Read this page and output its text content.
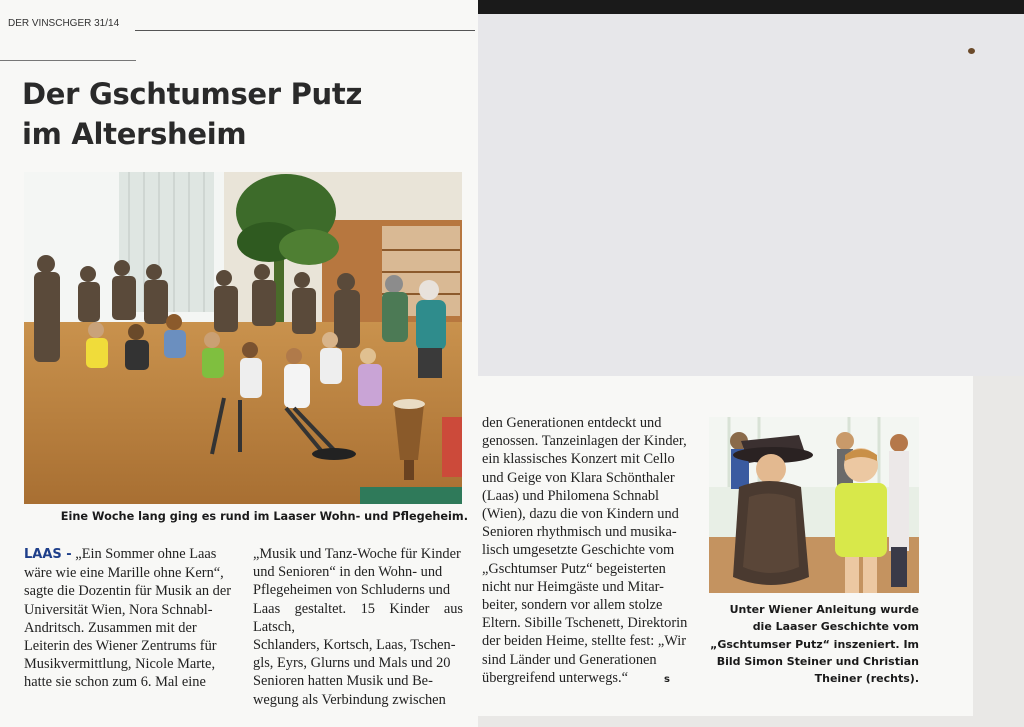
DER VINSCHGER 31/14
Der Gschtumser Putz
im Altersheim
Eine Woche lang ging es rund im Laaser Wohn- und Pflegeheim.

LAAS - „Ein Sommer ohne Laas
wäre wie eine Marille ohne Kern“,
sagte die Dozentin für Musik an der
Universität Wien, Nora Schnabl-
Andritsch. Zusammen mit der
Leiterin des Wiener Zentrums für
Musikvermittlung, Nicole Marte,
hatte sie schon zum 6. Mal eine

„Musik und Tanz-Woche für Kinder
und Senioren“ in den Wohn- und
Pflegeheimen von Schluderns und
Laas gestaltet. 15 Kinder aus Latsch,
Schlanders, Kortsch, Laas, Tschen-
gls, Eyrs, Glurns und Mals und 20
Senioren hatten Musik und Be-
wegung als Verbindung zwischen

den Generationen entdeckt und
genossen. Tanzeinlagen der Kinder,
ein klassisches Konzert mit Cello
und Geige von Klara Schönthaler
(Laas) und Philomena Schnabl
(Wien), dazu die von Kindern und
Senioren rhythmisch und musika-
lisch umgesetzte Geschichte vom
„Gschtumser Putz“ begeisterten
nicht nur Heimgäste und Mitar-
beiter, sondern vor allem stolze
Eltern. Sibille Tschenett, Direktorin
der beiden Heime, stellte fest: „Wir
sind Länder und Generationen
übergreifend unterwegs.“	s

Unter Wiener Anleitung wurde
die Laaser Geschichte vom
„Gschtumser Putz“ inszeniert. Im
Bild Simon Steiner und Christian
Theiner (rechts).
